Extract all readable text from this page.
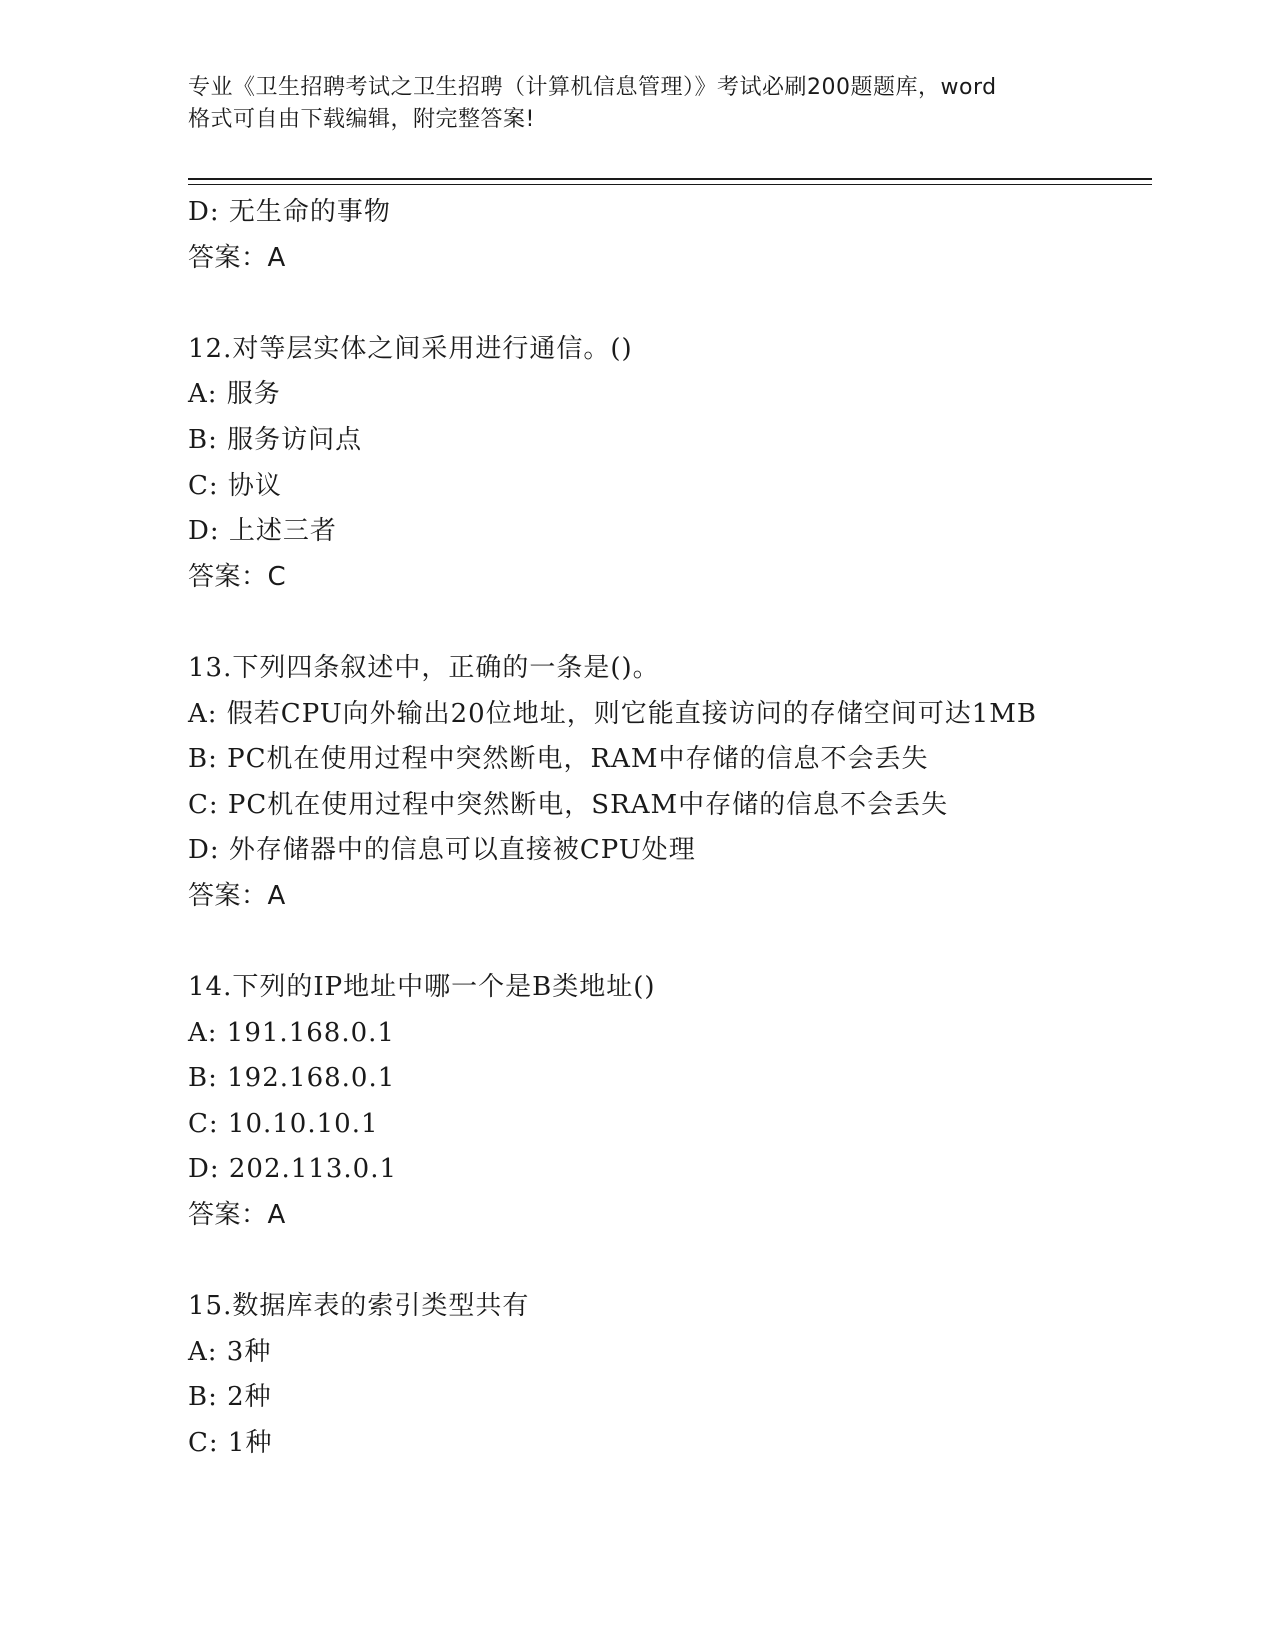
专业《卫生招聘考试之卫生招聘（计算机信息管理）》考试必刷200题题库，word
格式可自由下载编辑，附完整答案!
D: 无生命的事物
答案：A
12.对等层实体之间采用进行通信。()
A: 服务
B: 服务访问点
C: 协议
D: 上述三者
答案：C
13.下列四条叙述中，正确的一条是()。
A: 假若CPU向外输出20位地址，则它能直接访问的存储空间可达1MB
B: PC机在使用过程中突然断电，RAM中存储的信息不会丢失
C: PC机在使用过程中突然断电，SRAM中存储的信息不会丢失
D: 外存储器中的信息可以直接被CPU处理
答案：A
14.下列的IP地址中哪一个是B类地址()
A: 191.168.0.1
B: 192.168.0.1
C: 10.10.10.1
D: 202.113.0.1
答案：A
15.数据库表的索引类型共有
A: 3种
B: 2种
C: 1种
